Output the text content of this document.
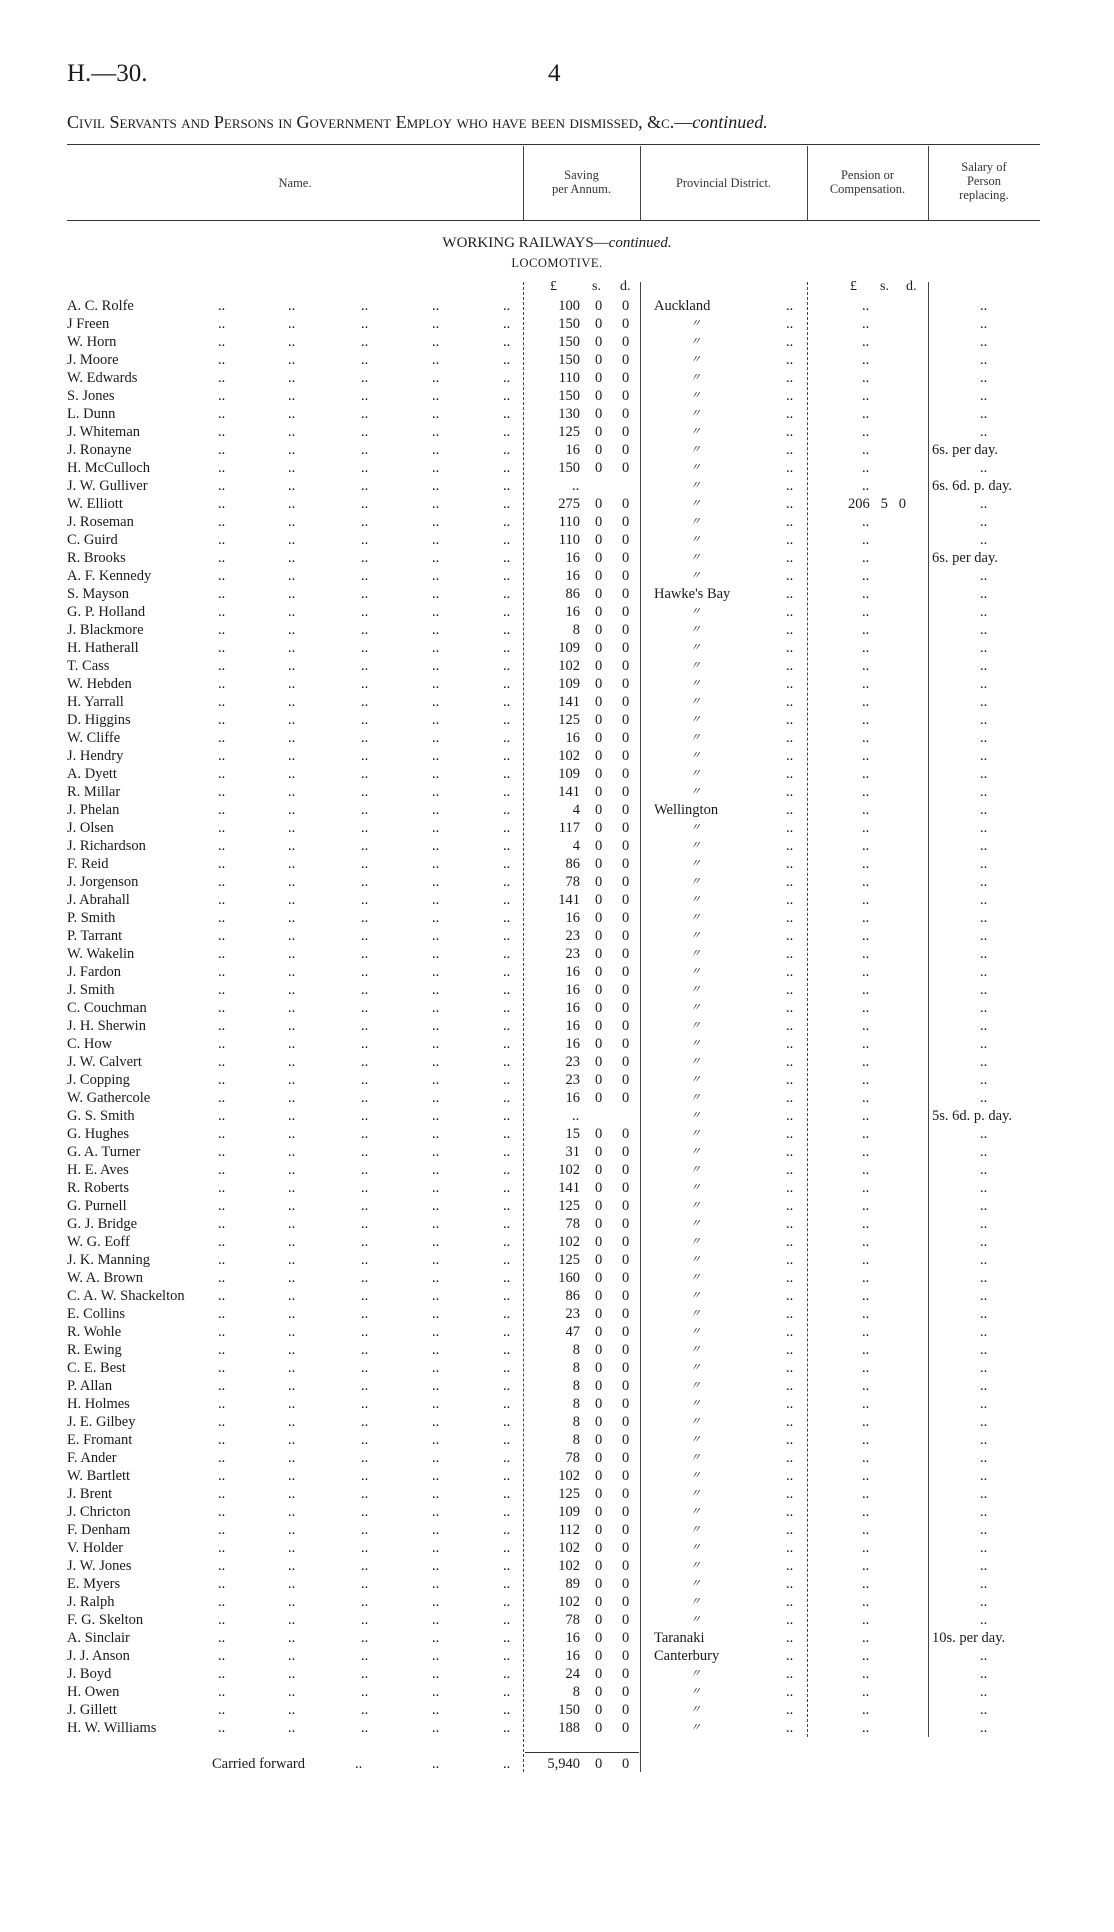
H.—30.	4
Civil Servants and Persons in Government Employ who have been dismissed, &c.—continued.
Name.
Saving
per Annum.	Provincial District.
Pension or
Compensation.
Salary of
Person
replacing.
WORKING RAILWAYS—continued.
LOCOMOTIVE.
£	s. d.	£ s. d.
A. C. Rolfe	..	..	..	..	..	100 0 0 Auckland	..	..	..
J Freen	..	..	..	..	..	150 0 0	〃	..	..	..
W. Horn	..	..	..	..	..	150 0 0	〃	..	..	..
J. Moore	..	..	..	..	..	150 0 0	〃	..	..	..
W. Edwards	..	..	..	..	..	110 0 0	〃	..	..	..
S. Jones	..	..	..	..	..	150 0 0	〃	..	..	..
L. Dunn	..	..	..	..	..	130 0 0	〃	..	..	..
J. Whiteman	..	..	..	..	..	125 0 0	〃	..	..	..
J. Ronayne	..	..	..	..	..	16 0 0	〃	..	..	6s. per day.
H. McCulloch	..	..	..	..	..	150 0 0	〃	..	..	..
J. W. Gulliver	..	..	..	..	..	..	〃	..	..	6s. 6d. p. day.
W. Elliott	..	..	..	..	..	275 0 0	〃	..	206   5   0	..
J. Roseman	..	..	..	..	..	110 0 0	〃	..	..	..
C. Guird	..	..	..	..	..	110 0 0	〃	..	..	..
R. Brooks	..	..	..	..	..	16 0 0	〃	..	..	6s. per day.
A. F. Kennedy	..	..	..	..	..	16 0 0	〃	..	..	..
S. Mayson	..	..	..	..	..	86 0 0 Hawke's Bay	..	..	..
G. P. Holland	..	..	..	..	..	16 0 0	〃	..	..	..
J. Blackmore	..	..	..	..	..	8 0 0	〃	..	..	..
H. Hatherall	..	..	..	..	..	109 0 0	〃	..	..	..
T. Cass	..	..	..	..	..	102 0 0	〃	..	..	..
W. Hebden	..	..	..	..	..	109 0 0	〃	..	..	..
H. Yarrall	..	..	..	..	..	141 0 0	〃	..	..	..
D. Higgins	..	..	..	..	..	125 0 0	〃	..	..	..
W. Cliffe	..	..	..	..	..	16 0 0	〃	..	..	..
J. Hendry	..	..	..	..	..	102 0 0	〃	..	..	..
A. Dyett	..	..	..	..	..	109 0 0	〃	..	..	..
R. Millar	..	..	..	..	..	141 0 0	〃	..	..	..
J. Phelan	..	..	..	..	..	4 0 0 Wellington	..	..	..
J. Olsen	..	..	..	..	..	117 0 0	〃	..	..	..
J. Richardson	..	..	..	..	..	4 0 0	〃	..	..	..
F. Reid	..	..	..	..	..	86 0 0	〃	..	..	..
J. Jorgenson	..	..	..	..	..	78 0 0	〃	..	..	..
J. Abrahall	..	..	..	..	..	141 0 0	〃	..	..	..
P. Smith	..	..	..	..	..	16 0 0	〃	..	..	..
P. Tarrant	..	..	..	..	..	23 0 0	〃	..	..	..
W. Wakelin	..	..	..	..	..	23 0 0	〃	..	..	..
J. Fardon	..	..	..	..	..	16 0 0	〃	..	..	..
J. Smith	..	..	..	..	..	16 0 0	〃	..	..	..
C. Couchman	..	..	..	..	..	16 0 0	〃	..	..	..
J. H. Sherwin	..	..	..	..	..	16 0 0	〃	..	..	..
C. How	..	..	..	..	..	16 0 0	〃	..	..	..
J. W. Calvert	..	..	..	..	..	23 0 0	〃	..	..	..
J. Copping	..	..	..	..	..	23 0 0	〃	..	..	..
W. Gathercole	..	..	..	..	..	16 0 0	〃	..	..	..
G. S. Smith	..	..	..	..	..	..	〃	..	..	5s. 6d. p. day.
G. Hughes	..	..	..	..	..	15 0 0	〃	..	..	..
G. A. Turner	..	..	..	..	..	31 0 0	〃	..	..	..
H. E. Aves	..	..	..	..	..	102 0 0	〃	..	..	..
R. Roberts	..	..	..	..	..	141 0 0	〃	..	..	..
G. Purnell	..	..	..	..	..	125 0 0	〃	..	..	..
G. J. Bridge	..	..	..	..	..	78 0 0	〃	..	..	..
W. G. Eoff	..	..	..	..	..	102 0 0	〃	..	..	..
J. K. Manning	..	..	..	..	..	125 0 0	〃	..	..	..
W. A. Brown	..	..	..	..	..	160 0 0	〃	..	..	..
C. A. W. Shackelton ..	..	..	..	..	86 0 0	〃	..	..	..
E. Collins	..	..	..	..	..	23 0 0	〃	..	..	..
R. Wohle	..	..	..	..	..	47 0 0	〃	..	..	..
R. Ewing	..	..	..	..	..	8 0 0	〃	..	..	..
C. E. Best	..	..	..	..	..	8 0 0	〃	..	..	..
P. Allan	..	..	..	..	..	8 0 0	〃	..	..	..
H. Holmes	..	..	..	..	..	8 0 0	〃	..	..	..
J. E. Gilbey	..	..	..	..	..	8 0 0	〃	..	..	..
E. Fromant	..	..	..	..	..	8 0 0	〃	..	..	..
F. Ander	..	..	..	..	..	78 0 0	〃	..	..	..
W. Bartlett	..	..	..	..	..	102 0 0	〃	..	..	..
J. Brent	..	..	..	..	..	125 0 0	〃	..	..	..
J. Chricton	..	..	..	..	..	109 0 0	〃	..	..	..
F. Denham	..	..	..	..	..	112 0 0	〃	..	..	..
V. Holder	..	..	..	..	..	102 0 0	〃	..	..	..
J. W. Jones	..	..	..	..	..	102 0 0	〃	..	..	..
E. Myers	..	..	..	..	..	89 0 0	〃	..	..	..
J. Ralph	..	..	..	..	..	102 0 0	〃	..	..	..
F. G. Skelton	..	..	..	..	..	78 0 0	〃	..	..	..
A. Sinclair	..	..	..	..	..	16 0 0 Taranaki	..	..	10s. per day.
J. J. Anson	..	..	..	..	..	16 0 0 Canterbury	..	..	..
J. Boyd	..	..	..	..	..	24 0 0	〃	..	..	..
H. Owen	..	..	..	..	..	8 0 0	〃	..	..	..
J. Gillett	..	..	..	..	..	150 0 0	〃	..	..	..
H. W. Williams	..	..	..	..	..	188 0 0	〃	..	..	..
Carried forward	..	..	..	5,940 0 0
